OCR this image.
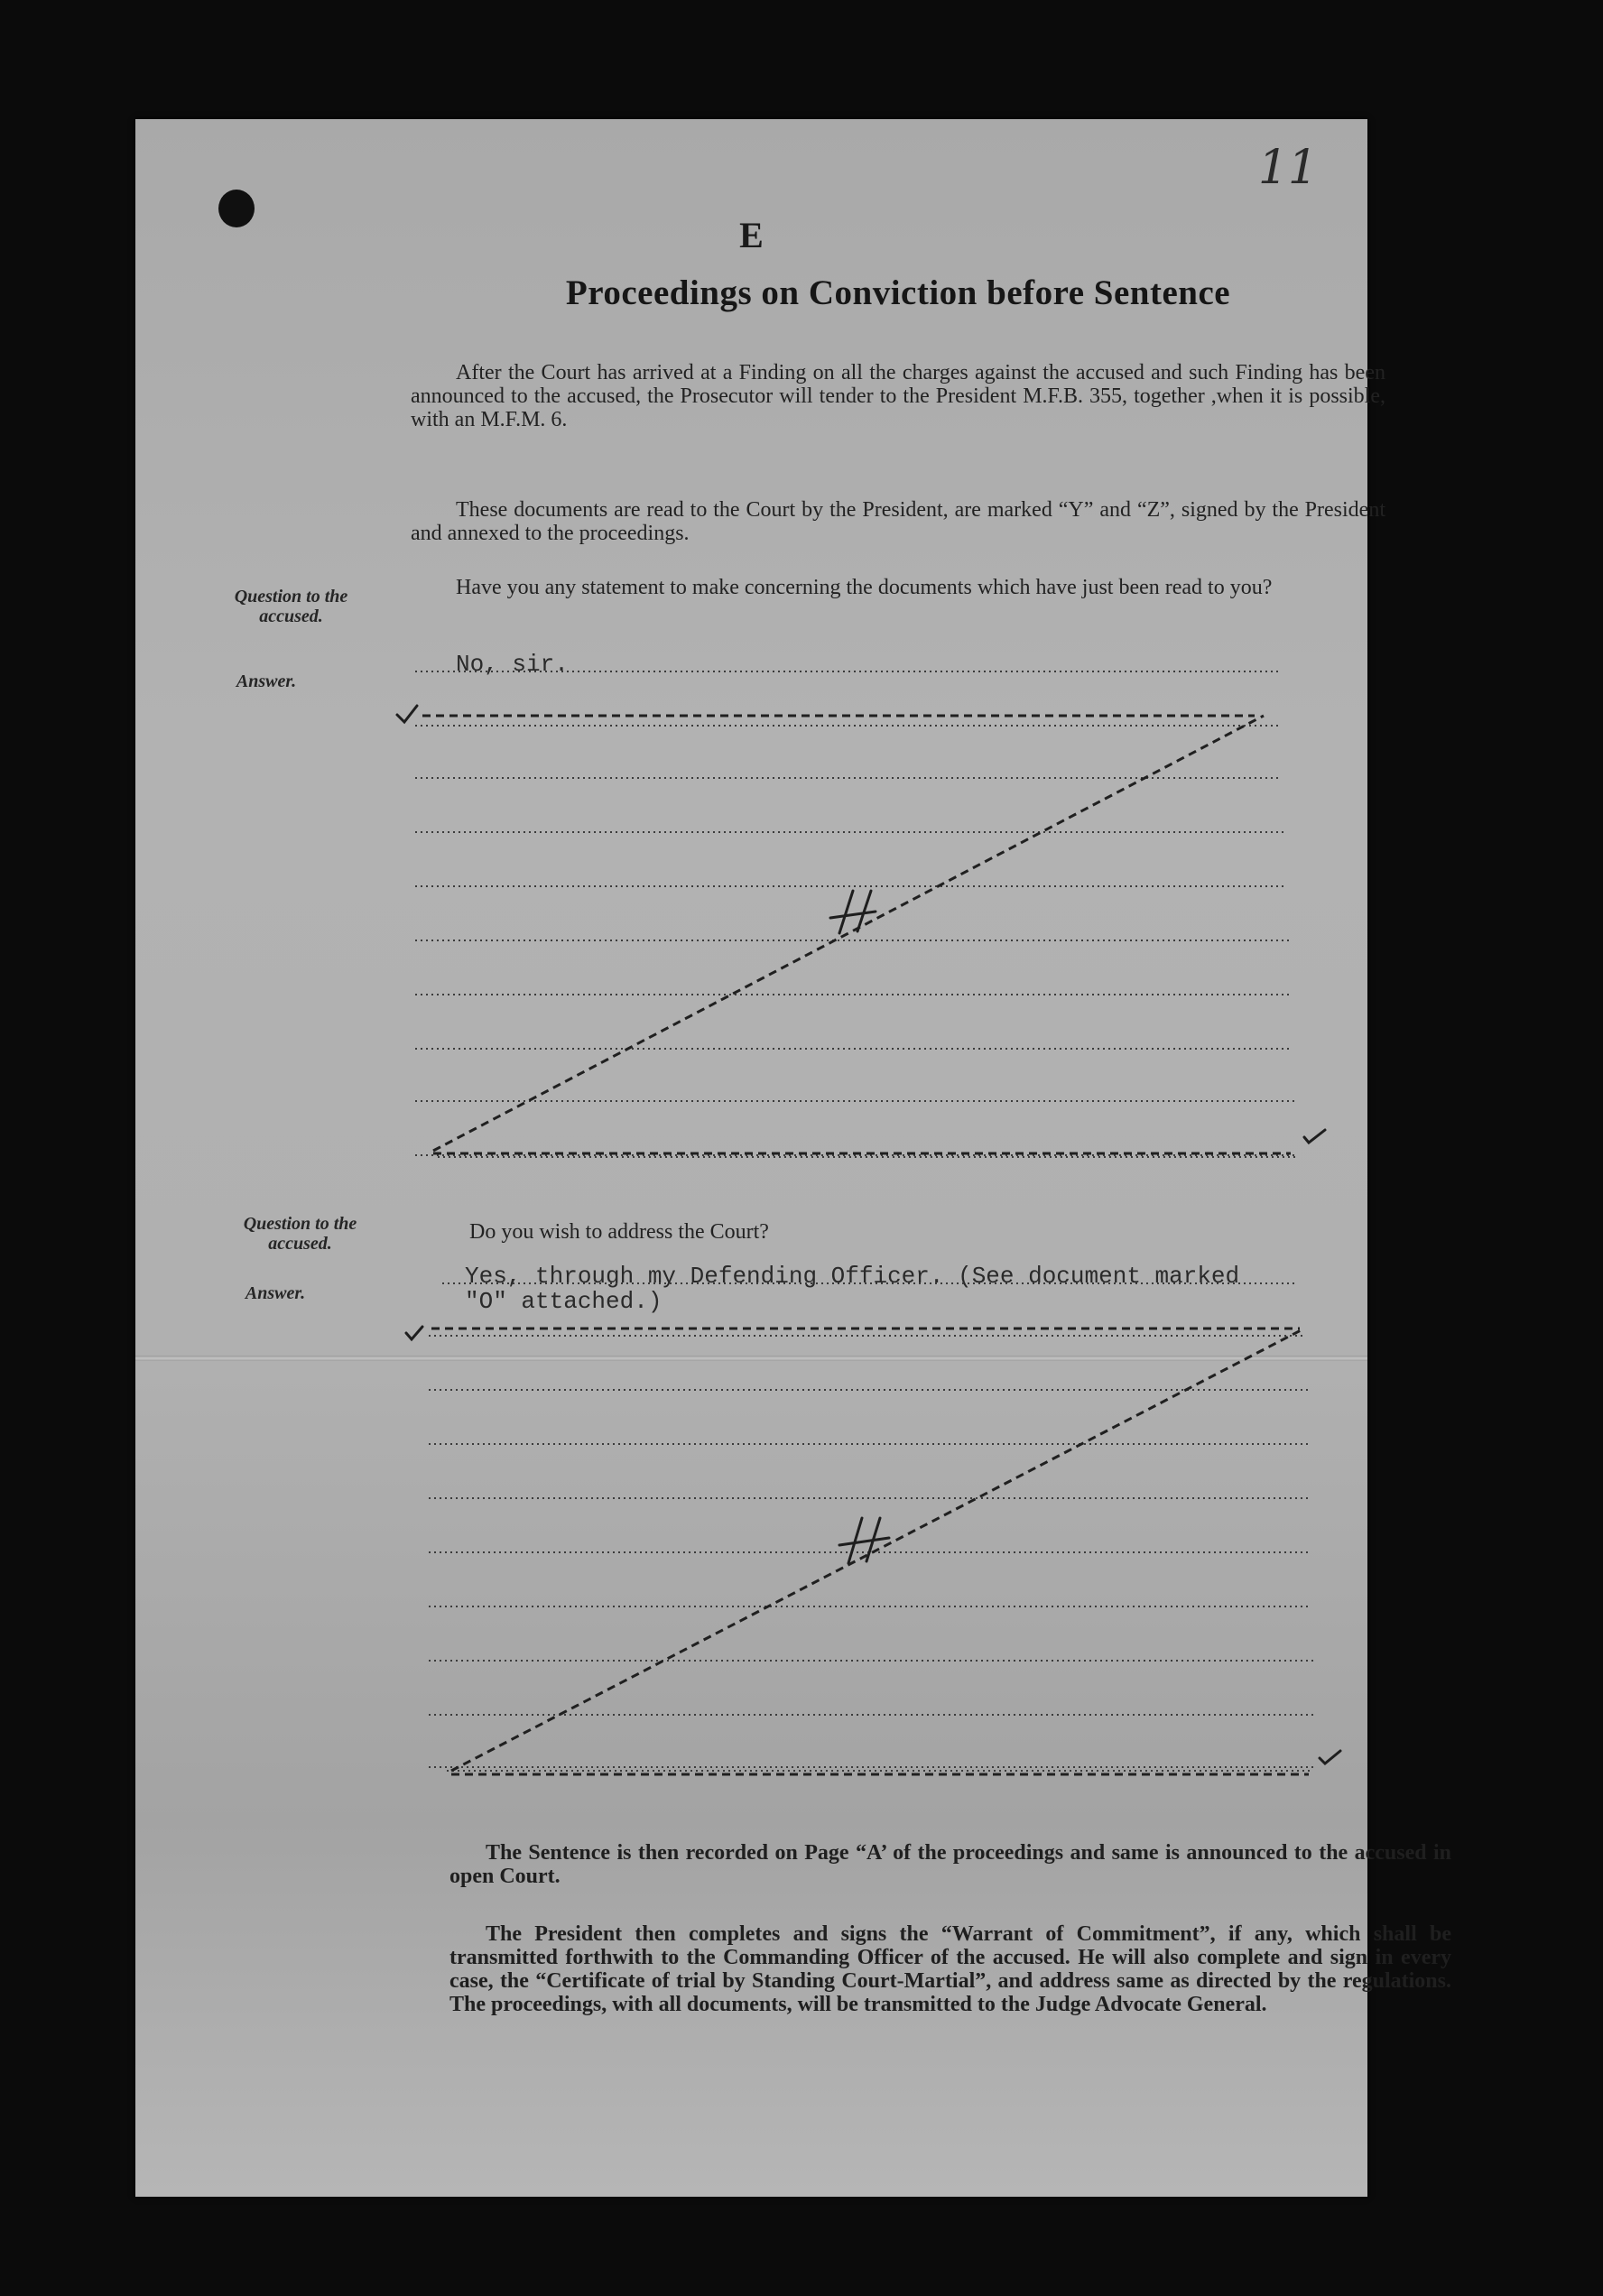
11
E
Proceedings on Conviction before Sentence
After the Court has arrived at a Finding on all the charges against the accused and such Finding has been announced to the accused, the Prosecutor will tender to the President M.F.B. 355, together ,when it is possible, with an M.F.M. 6.
These documents are read to the Court by the President, are marked “Y” and “Z”, signed by the President and annexed to the proceedings.
Question to the accused.
Have you any statement to make concerning the documents which have just been read to you?
Answer.
No, sir.
Question to the accused.	Do you wish to address the Court?
Answer.
Yes, through my Defending Officer. (See document marked "O" attached.)
The Sentence is then recorded on Page “A’ of the proceedings and same is announced to the accused in open Court.
The President then completes and signs the “Warrant of Commitment”, if any, which shall be transmitted forthwith to the Commanding Officer of the accused. He will also complete and sign in every case, the “Certificate of trial by Standing Court-Martial”, and address same as directed by the regulations. The proceedings, with all documents, will be transmitted to the Judge Advocate General.
